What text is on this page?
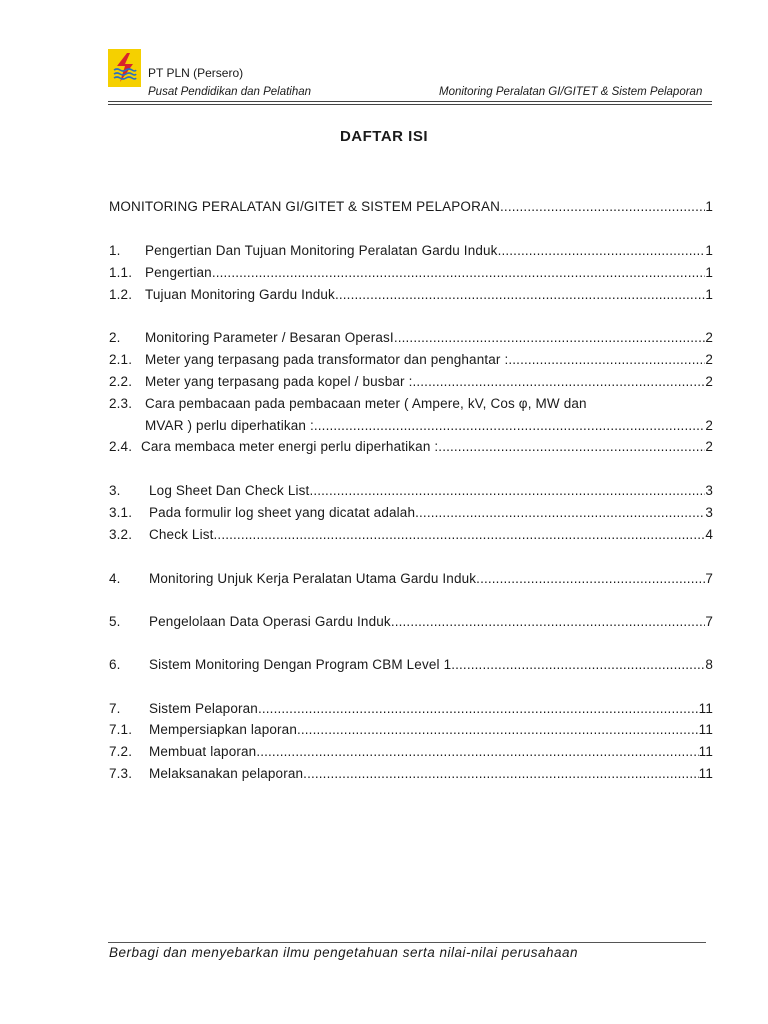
PT PLN (Persero)
Pusat Pendidikan dan Pelatihan	Monitoring Peralatan GI/GITET & Sistem Pelaporan
DAFTAR ISI
MONITORING PERALATAN GI/GITET & SISTEM PELAPORAN .....	1
1.	Pengertian Dan Tujuan Monitoring Peralatan Gardu Induk .....	1
1.1. Pengertian .....	1
1.2. Tujuan Monitoring Gardu Induk .....	1
2.	Monitoring Parameter / Besaran OperasI .....	2
2.1. Meter yang terpasang pada transformator dan penghantar : .....	2
2.2. Meter yang terpasang pada kopel / busbar : .....	2
2.3. Cara pembacaan pada pembacaan meter ( Ampere, kV, Cos φ, MW dan
MVAR ) perlu diperhatikan : .....	2
2.4. Cara membaca meter energi perlu diperhatikan : .....	2
3.	Log Sheet Dan Check List .....	3
3.1.	Pada formulir log sheet yang dicatat adalah .....	3
3.2.	Check List .....	4
4.	Monitoring Unjuk Kerja Peralatan Utama Gardu Induk .....	7
5.	Pengelolaan Data Operasi Gardu Induk .....	7
6.	Sistem Monitoring Dengan Program CBM Level 1 .....	8
7.	Sistem Pelaporan .....	11
7.1.	Mempersiapkan laporan .....	11
7.2.	Membuat laporan .....	11
7.3.	Melaksanakan pelaporan. .....	11
Berbagi dan menyebarkan ilmu pengetahuan serta nilai-nilai perusahaan
